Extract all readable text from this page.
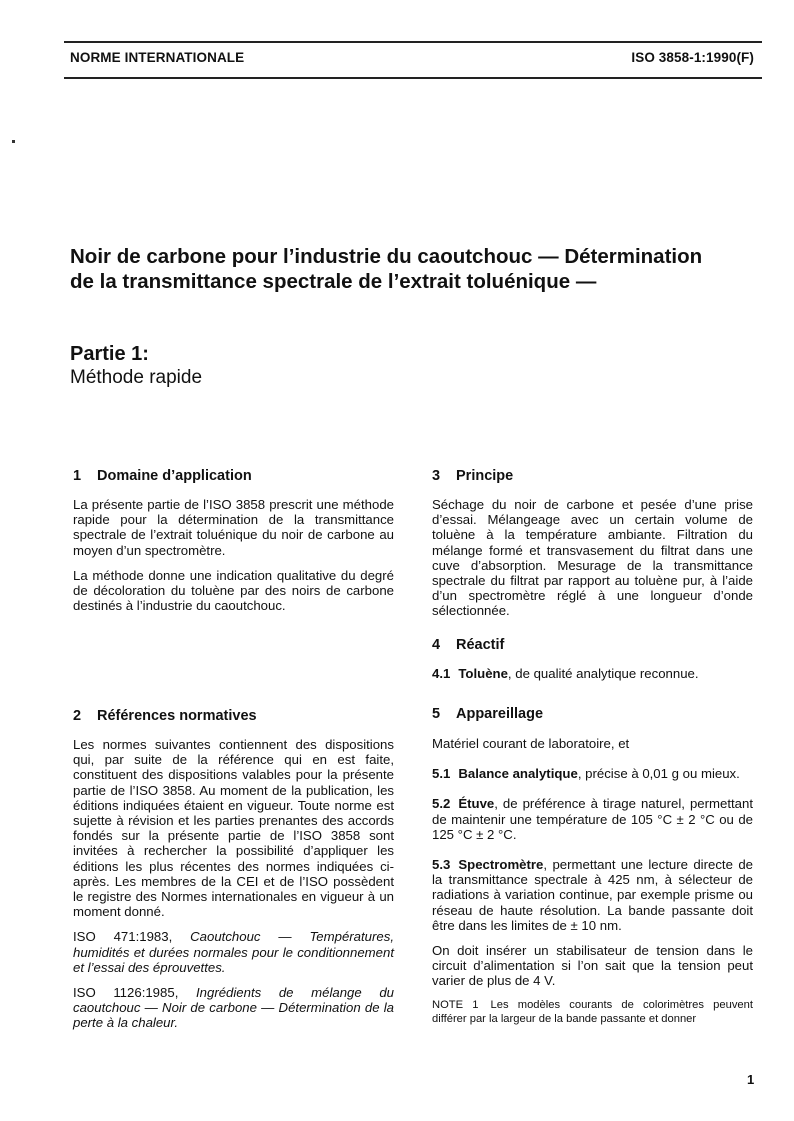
NORME INTERNATIONALE	ISO 3858-1:1990(F)
Noir de carbone pour l’industrie du caoutchouc — Détermination de la transmittance spectrale de l’extrait toluénique —
Partie 1:
Méthode rapide
1 Domaine d’application

La présente partie de l’ISO 3858 prescrit une méthode rapide pour la détermination de la transmittance spectrale de l’extrait toluénique du noir de carbone au moyen d’un spectromètre.

La méthode donne une indication qualitative du degré de décoloration du toluène par des noirs de carbone destinés à l’industrie du caoutchouc.

2 Références normatives

Les normes suivantes contiennent des dispositions qui, par suite de la référence qui en est faite, constituent des dispositions valables pour la présente partie de l’ISO 3858. Au moment de la publication, les éditions indiquées étaient en vigueur. Toute norme est sujette à révision et les parties prenantes des accords fondés sur la présente partie de l’ISO 3858 sont invitées à rechercher la possibilité d’appliquer les éditions les plus récentes des normes indiquées ci-après. Les membres de la CEI et de l’ISO possèdent le registre des Normes internationales en vigueur à un moment donné.

ISO 471:1983, Caoutchouc — Températures, humidités et durées normales pour le conditionnement et l’essai des éprouvettes.

ISO 1126:1985, Ingrédients de mélange du caoutchouc — Noir de carbone — Détermination de la perte à la chaleur.

3 Principe

Séchage du noir de carbone et pesée d’une prise d’essai. Mélangeage avec un certain volume de toluène à la température ambiante. Filtration du mélange formé et transvasement du filtrat dans une cuve d’absorption. Mesurage de la transmittance spectrale du filtrat par rapport au toluène pur, à l’aide d’un spectromètre réglé à une longueur d’onde sélectionnée.

4 Réactif

4.1 Toluène, de qualité analytique reconnue.

5 Appareillage

Matériel courant de laboratoire, et

5.1 Balance analytique, précise à 0,01 g ou mieux.

5.2 Étuve, de préférence à tirage naturel, permettant de maintenir une température de 105 °C ± 2 °C ou de 125 °C ± 2 °C.

5.3 Spectromètre, permettant une lecture directe de la transmittance spectrale à 425 nm, à sélecteur de radiations à variation continue, par exemple prisme ou réseau de haute résolution. La bande passante doit être dans les limites de ± 10 nm.

On doit insérer un stabilisateur de tension dans le circuit d’alimentation si l’on sait que la tension peut varier de plus de 4 V.

NOTE 1 Les modèles courants de colorimètres peuvent différer par la largeur de la bande passante et donner

1
